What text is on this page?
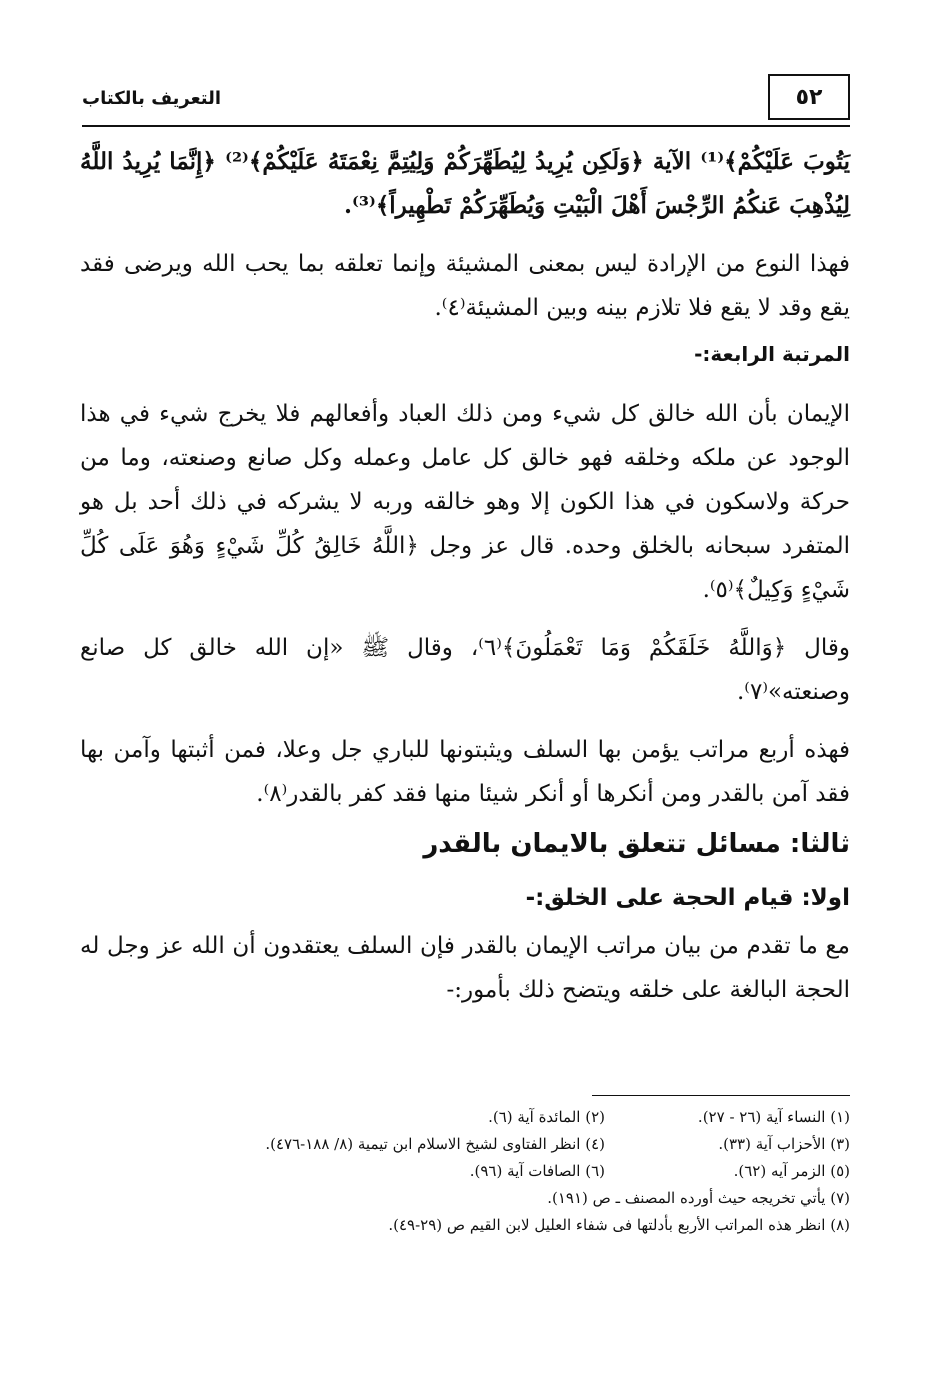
٥٢
التعريف بالكتاب

يَتُوبَ عَلَيْكُمْ﴾⁽¹⁾ الآية ﴿وَلَكِن يُرِيدُ لِيُطَهِّرَكُمْ وَلِيُتِمَّ نِعْمَتَهُ عَلَيْكُمْ﴾⁽²⁾ ﴿إِنَّمَا يُرِيدُ اللَّهُ لِيُذْهِبَ عَنكُمُ الرِّجْسَ أَهْلَ الْبَيْتِ وَيُطَهِّرَكُمْ تَطْهِيراً﴾⁽³⁾.

فهذا النوع من الإرادة ليس بمعنى المشيئة وإنما تعلقه بما يحب الله ويرضى فقد يقع وقد لا يقع فلا تلازم بينه وبين المشيئة⁽٤⁾.

المرتبة الرابعة:-

الإيمان بأن الله خالق كل شيء ومن ذلك العباد وأفعالهم فلا يخرج شيء في هذا الوجود عن ملكه وخلقه فهو خالق كل عامل وعمله وكل صانع وصنعته، وما من حركة ولاسكون في هذا الكون إلا وهو خالقه وربه لا يشركه في ذلك أحد بل هو المتفرد سبحانه بالخلق وحده. قال عز وجل ﴿اللَّهُ خَالِقُ كُلِّ شَيْءٍ وَهُوَ عَلَى كُلِّ شَيْءٍ وَكِيلٌ﴾⁽٥⁾.

وقال ﴿وَاللَّهُ خَلَقَكُمْ وَمَا تَعْمَلُونَ﴾⁽٦⁾، وقال ﷺ «إن الله خالق كل صانع وصنعته»⁽٧⁾.

فهذه أربع مراتب يؤمن بها السلف ويثبتونها للباري جل وعلا، فمن أثبتها وآمن بها فقد آمن بالقدر ومن أنكرها أو أنكر شيئا منها فقد كفر بالقدر⁽٨⁾.

ثالثا: مسائل تتعلق بالايمان بالقدر
اولا: قيام الحجة على الخلق:-

مع ما تقدم من بيان مراتب الإيمان بالقدر فإن السلف يعتقدون أن الله عز وجل له الحجة البالغة على خلقه ويتضح ذلك بأمور:-

(١) النساء آية (٢٦ - ٢٧).
(٢) المائدة آية (٦).
(٣) الأحزاب آية (٣٣).
(٤) انظر الفتاوى لشيخ الاسلام ابن تيمية (٨/ ١٨٨-٤٧٦).
(٥) الزمر آيه (٦٢).
(٦) الصافات آية (٩٦).
(٧) يأتي تخريجه حيث أورده المصنف ـ ص (١٩١).
(٨) انظر هذه المراتب الأربع بأدلتها فى شفاء العليل لابن القيم ص (٢٩-٤٩).
